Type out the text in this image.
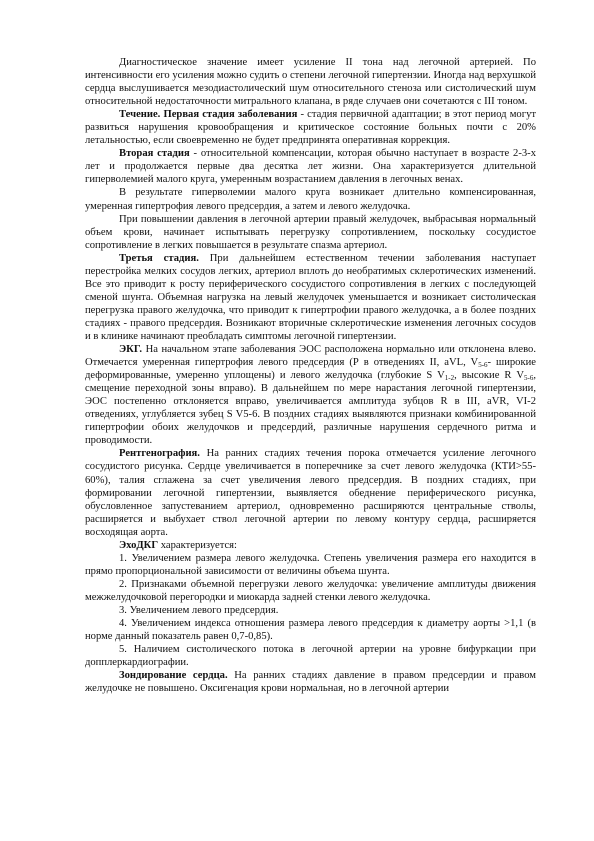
Диагностическое значение имеет усиление II тона над легочной артерией. По интенсивности его усиления можно судить о степени легочной гипертензии. Иногда над верхушкой сердца выслушивается мезодиастолический шум относительного стеноза или систолический шум относительной недостаточности митрального клапана, в ряде случаев они сочетаются с III тоном.

Течение. Первая стадия заболевания - стадия первичной адаптации; в этот период могут развиться нарушения кровообращения и критическое состояние больных почти с 20% летальностью, если своевременно не будет предпринята оперативная коррекция.

Вторая стадия - относительной компенсации, которая обычно наступает в возрасте 2-3-х лет и продолжается первые два десятка лет жизни. Она характеризуется длительной гиперволемией малого круга, умеренным возрастанием давления в легочных венах.

В результате гиперволемии малого круга возникает длительно компенсированная, умеренная гипертрофия левого предсердия, а затем и левого желудочка.

При повышении давления в легочной артерии правый желудочек, выбрасывая нормальный объем крови, начинает испытывать перегрузку сопротивлением, поскольку сосудистое сопротивление в легких повышается в результате спазма артериол.

Третья стадия. При дальнейшем естественном течении заболевания наступает перестройка мелких сосудов легких, артериол вплоть до необратимых склеротических изменений. Все это приводит к росту периферического сосудистого сопротивления в легких с последующей сменой шунта. Объемная нагрузка на левый желудочек уменьшается и возникает систолическая перегрузка правого желудочка, что приводит к гипертрофии правого желудочка, а в более поздних стадиях - правого предсердия. Возникают вторичные склеротические изменения легочных сосудов и в клинике начинают преобладать симптомы легочной гипертензии.

ЭКГ. На начальном этапе заболевания ЭОС расположена нормально или отклонена влево. Отмечается умеренная гипертрофия левого предсердия (Р в отведениях II, aVL, $V_{5-6}-$ широкие деформированные, умеренно уплощены) и левого желудочка (глубокие S $V_{1-2}$, высокие R $V_{5-6}$, смещение переходной зоны вправо). В дальнейшем по мере нарастания легочной гипертензии, ЭОС постепенно отклоняется вправо, увеличивается амплитуда зубцов R в III, aVR, VI-2 отведениях, углубляется зубец S V5-6. В поздних стадиях выявляются признаки комбинированной гипертрофии обоих желудочков и предсердий, различные нарушения сердечного ритма и проводимости.

Рентгенография. На ранних стадиях течения порока отмечается усиление легочного сосудистого рисунка. Сердце увеличивается в поперечнике за счет левого желудочка (КТИ>55-60%), талия сглажена за счет увеличения левого предсердия. В поздних стадиях, при формировании легочной гипертензии, выявляется обеднение периферического рисунка, обусловленное запустеванием артериол, одновременно расширяются центральные стволы, расширяется и выбухает ствол легочной артерии по левому контуру сердца, расширяется восходящая аорта.

ЭхоДКГ характеризуется:

1. Увеличением размера левого желудочка. Степень увеличения размера его находится в прямо пропорциональной зависимости от величины объема шунта.

2. Признаками объемной перегрузки левого желудочка: увеличение амплитуды движения межжелудочковой перегородки и миокарда задней стенки левого желудочка.

3. Увеличением левого предсердия.

4. Увеличением индекса отношения размера левого предсердия к диаметру аорты >1,1 (в норме данный показатель равен 0,7-0,85).

5. Наличием систолического потока в легочной артерии на уровне бифуркации при допплеркардиографии.

Зондирование сердца. На ранних стадиях давление в правом предсердии и правом желудочке не повышено. Оксигенация крови нормальная, но в легочной артерии
